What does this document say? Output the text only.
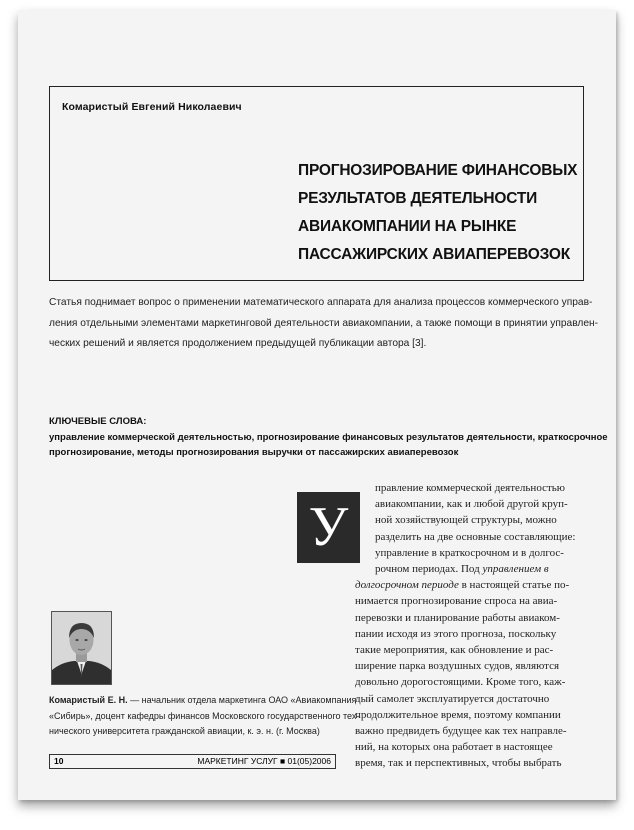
Комаристый Евгений Николаевич
ПРОГНОЗИРОВАНИЕ ФИНАНСОВЫХ
РЕЗУЛЬТАТОВ ДЕЯТЕЛЬНОСТИ
АВИАКОМПАНИИ НА РЫНКЕ
ПАССАЖИРСКИХ АВИАПЕРЕВОЗОК
Статья поднимает вопрос о применении математического аппарата для анализа процессов коммерческого управ-
ления отдельными элементами маркетинговой деятельности авиакомпании, а также помощи в принятии управлен-
ческих решений и является продолжением предыдущей публикации автора [3].
КЛЮЧЕВЫЕ СЛОВА:
управление коммерческой деятельностью, прогнозирование финансовых результатов деятельности, краткосрочное
прогнозирование, методы прогнозирования выручки от пассажирских авиаперевозок
У
правление коммерческой деятельностью
авиакомпании, как и любой другой круп-
ной хозяйствующей структуры, можно
разделить на две основные составляющие:
управление в краткосрочном и в долгос-
рочном периодах. Под управлением в
долгосрочном периоде в настоящей статье по-
нимается прогнозирование спроса на авиа-
перевозки и планирование работы авиаком-
пании исходя из этого прогноза, поскольку
такие мероприятия, как обновление и рас-
ширение парка воздушных судов, являются
довольно дорогостоящими. Кроме того, каж-
дый самолет эксплуатируется достаточно
продолжительное время, поэтому компании
важно предвидеть будущее как тех направле-
ний, на которых она работает в настоящее
время, так и перспективных, чтобы выбрать
Комаристый Е. Н. — начальник отдела маркетинга ОАО «Авиакомпания
«Сибирь», доцент кафедры финансов Московского государственного тех-
нического университета гражданской авиации, к. э. н. (г. Москва)
10	МАРКЕТИНГ УСЛУГ ■ 01(05)2006
